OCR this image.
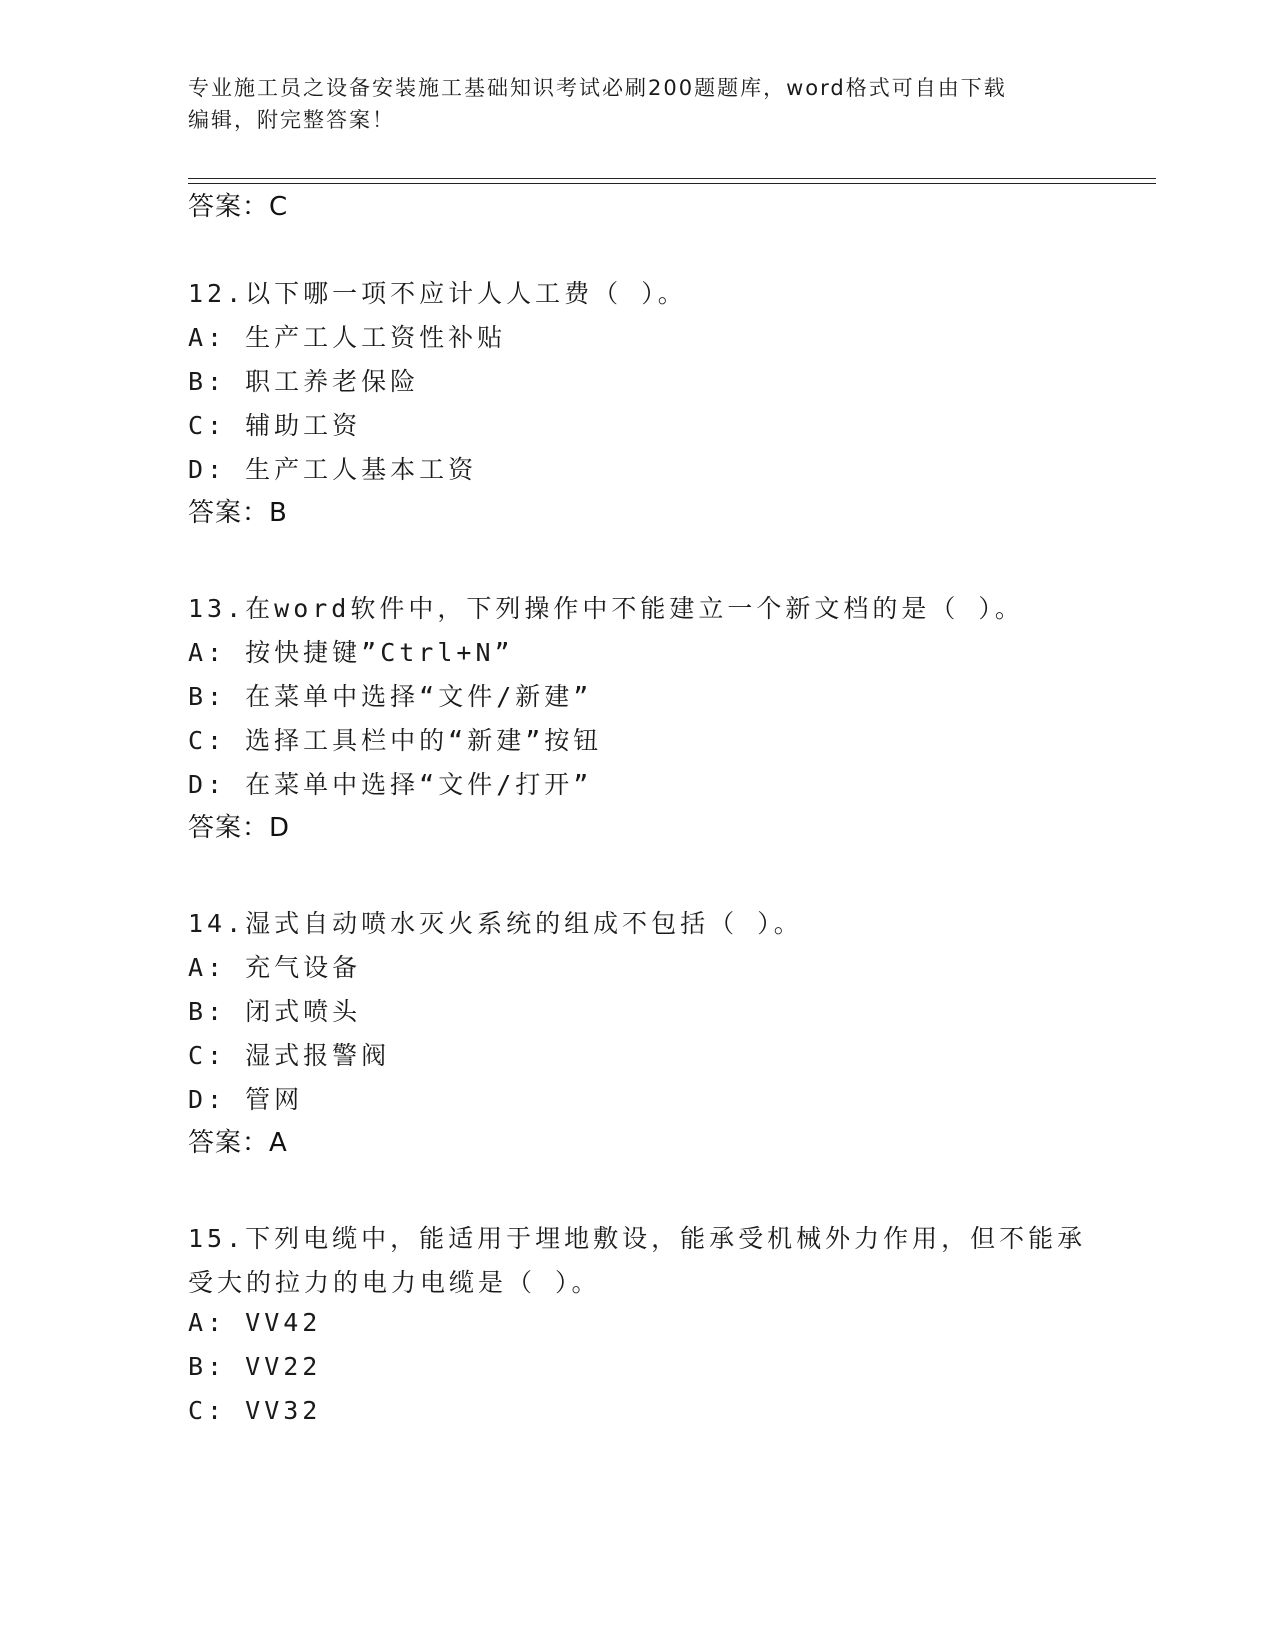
专业施工员之设备安装施工基础知识考试必刷200题题库，word格式可自由下载
编辑，附完整答案！
答案：C
12.以下哪一项不应计人人工费（ ）。
A: 生产工人工资性补贴
B: 职工养老保险
C: 辅助工资
D: 生产工人基本工资
答案：B
13.在word软件中，下列操作中不能建立一个新文档的是（ ）。
A: 按快捷键”Ctrl+N”
B: 在菜单中选择“文件/新建”
C: 选择工具栏中的“新建”按钮
D: 在菜单中选择“文件/打开”
答案：D
14.湿式自动喷水灭火系统的组成不包括（ ）。
A: 充气设备
B: 闭式喷头
C: 湿式报警阀
D: 管网
答案：A
15.下列电缆中，能适用于埋地敷设，能承受机械外力作用，但不能承
受大的拉力的电力电缆是（ ）。
A: VV42
B: VV22
C: VV32
